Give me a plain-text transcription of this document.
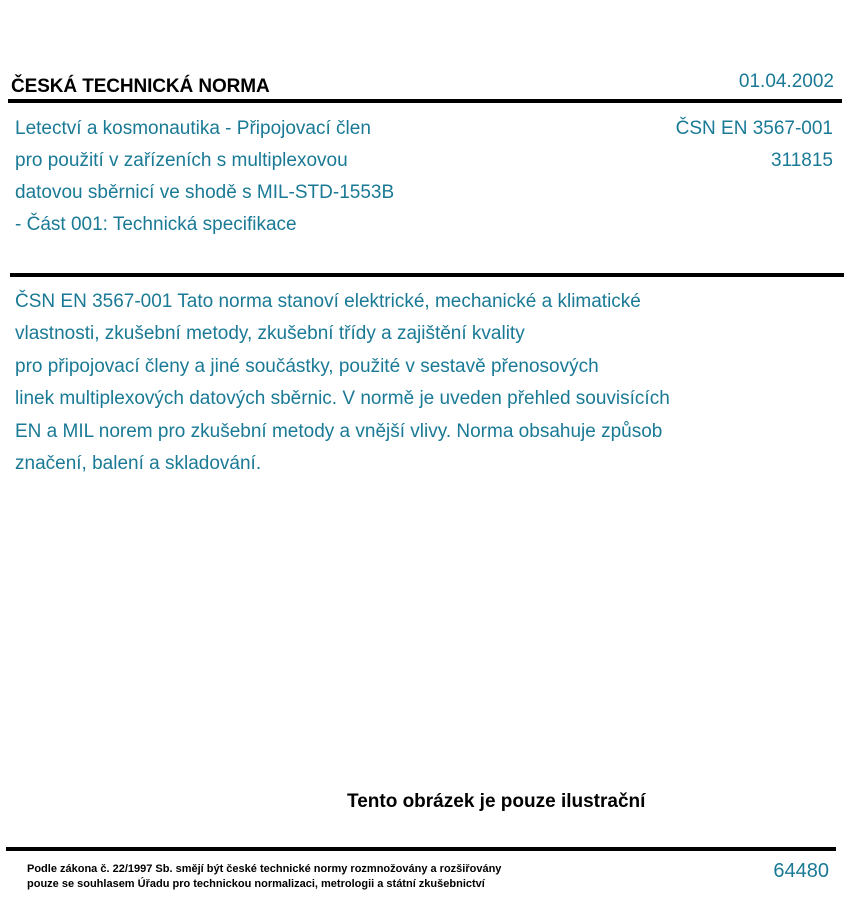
ČESKÁ TECHNICKÁ NORMA	01.04.2002
Letectví a kosmonautika - Připojovací člen
pro použití v zařízeních s multiplexovou
datovou sběrnicí ve shodě s MIL-STD-1553B
- Část 001: Technická specifikace
ČSN EN 3567-001
311815
ČSN EN 3567-001 Tato norma stanoví elektrické, mechanické a klimatické
vlastnosti, zkušební metody, zkušební třídy a zajištění kvality
pro připojovací členy a jiné součástky, použité v sestavě přenosových
linek multiplexových datových sběrnic. V normě je uveden přehled souvisících
EN a MIL norem pro zkušební metody a vnější vlivy. Norma obsahuje způsob
značení, balení a skladování.
Tento obrázek je pouze ilustrační
Podle zákona č. 22/1997 Sb. smějí být české technické normy rozmnožovány a rozšiřovány
pouze se souhlasem Úřadu pro technickou normalizaci, metrologii a státní zkušebnictví
64480
